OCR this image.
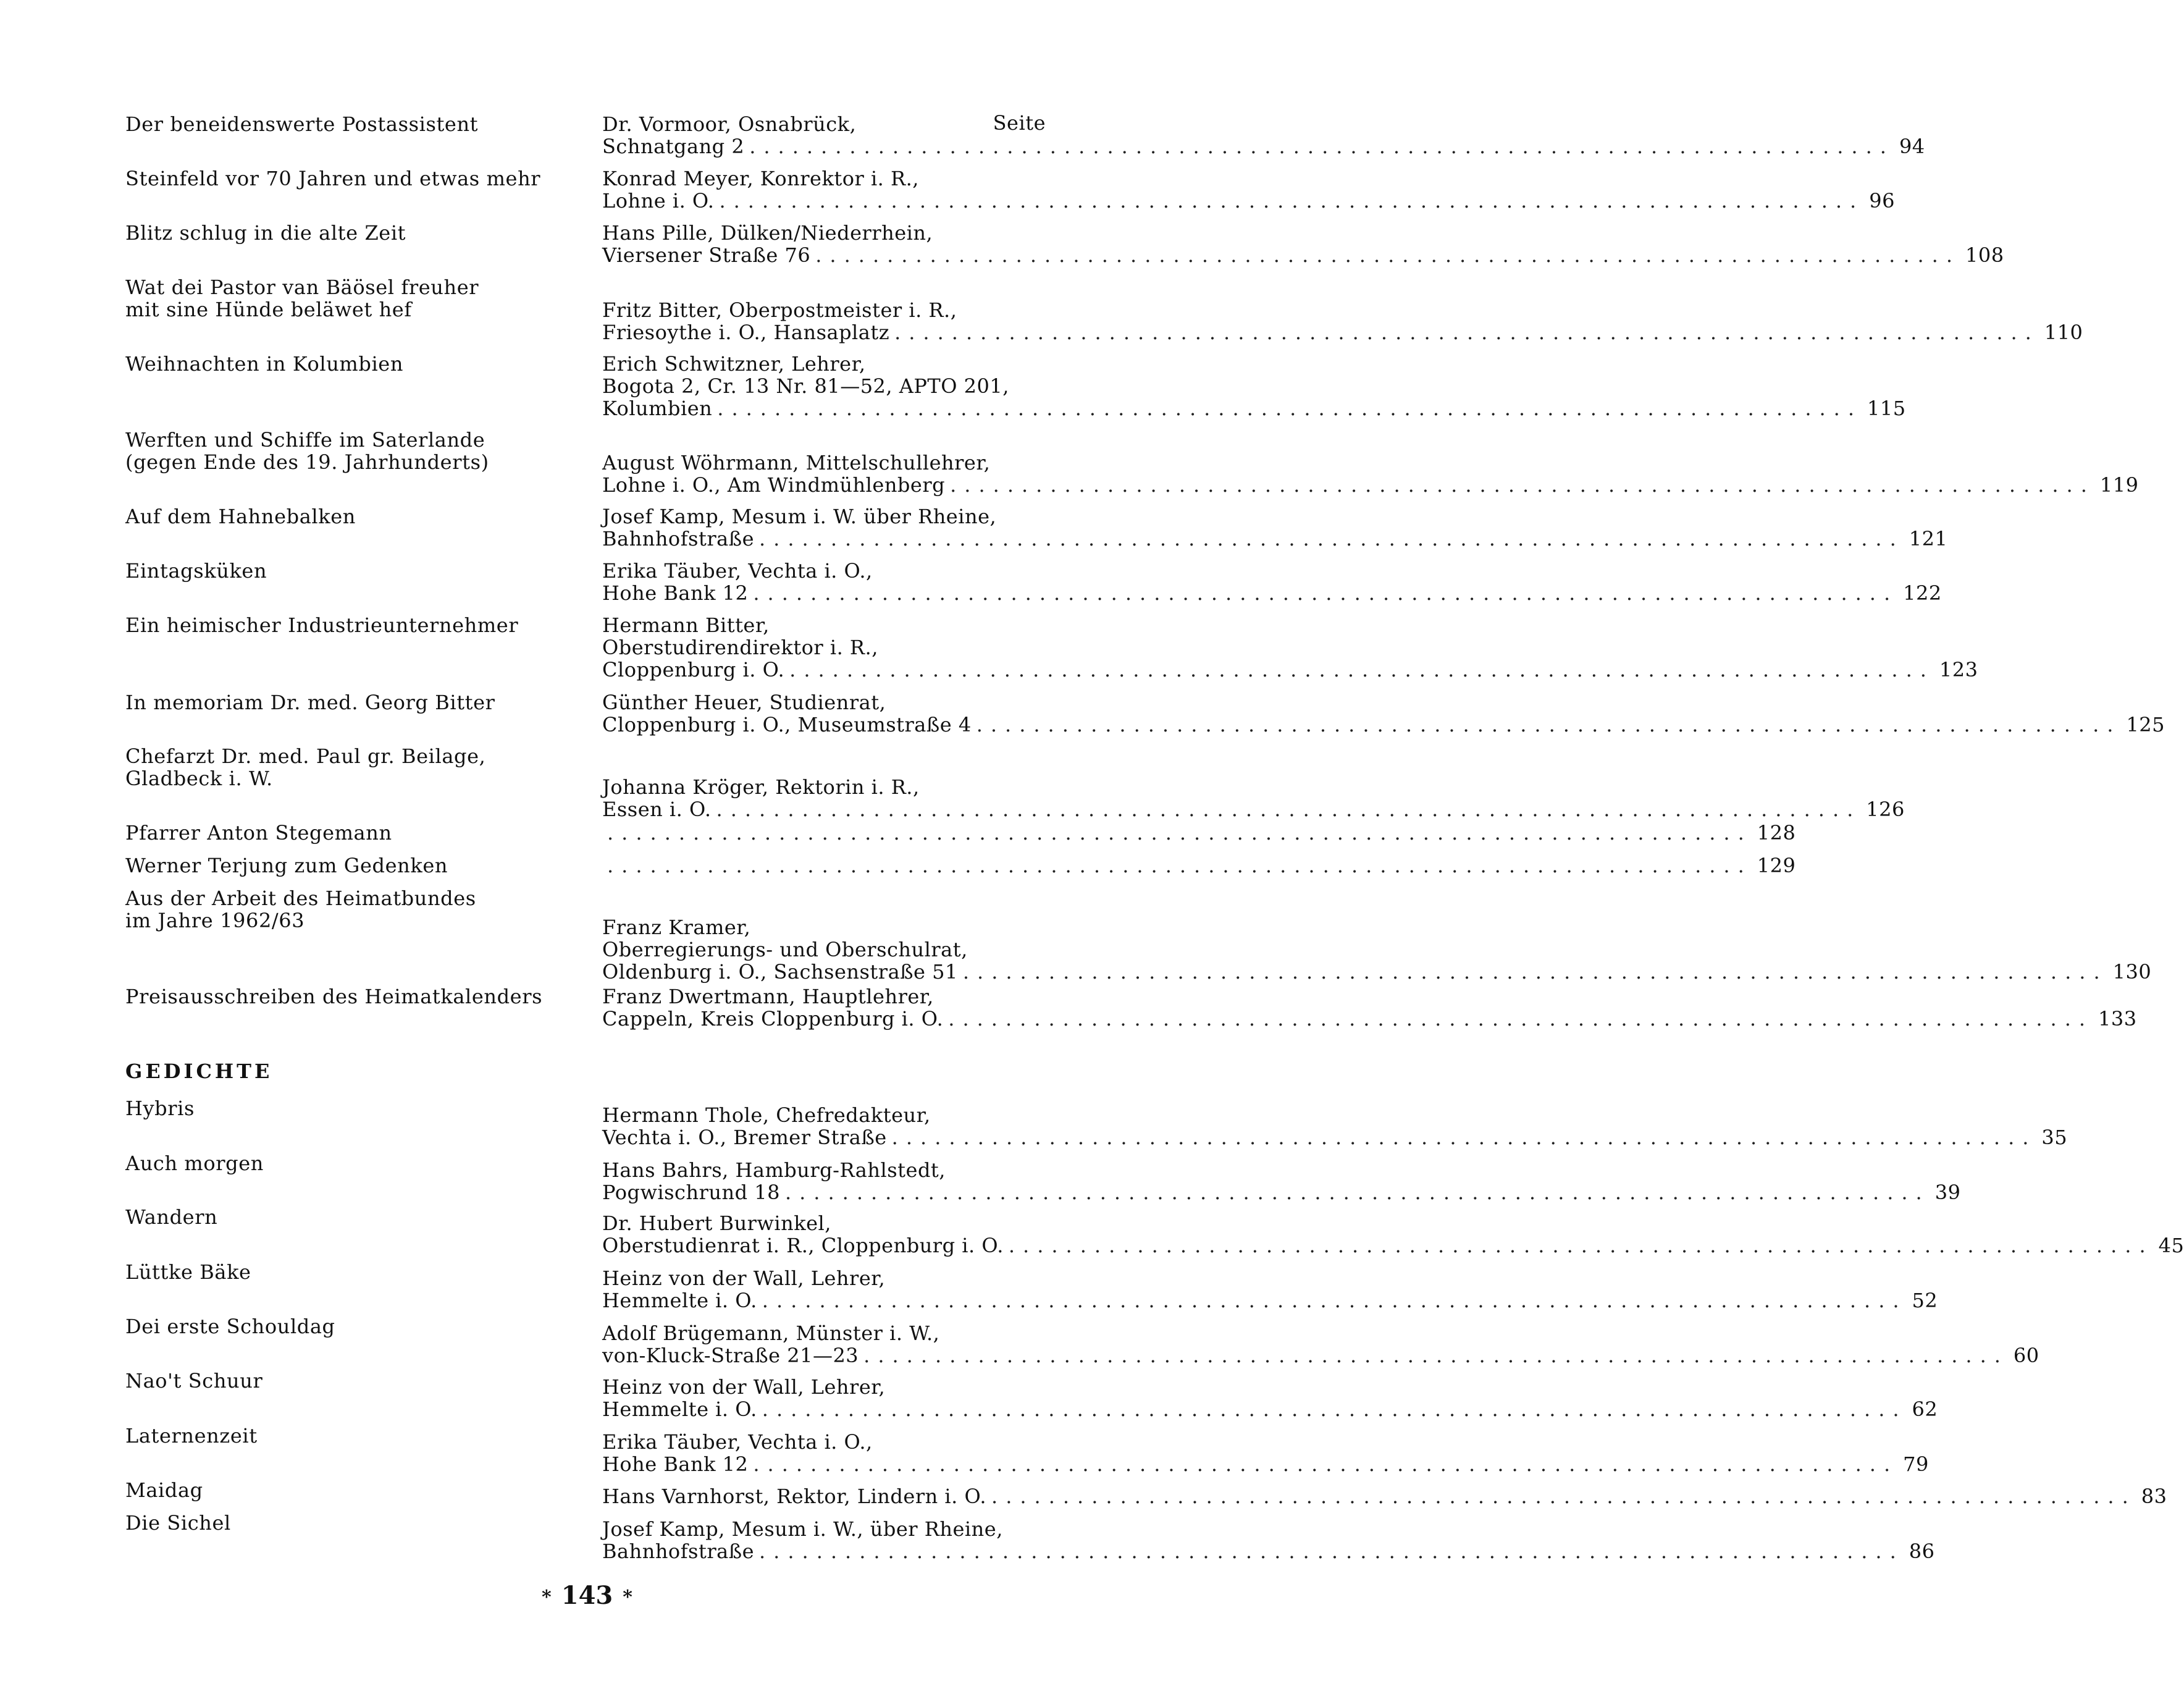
Seite
Der beneidenswerte Postassistent	Dr. Vormoor, Osnabrück,
Schnatgang 2 ................................................................................ 94
Steinfeld vor 70 Jahren und etwas mehr	Konrad Meyer, Konrektor i. R.,
Lohne i. O. ................................................................................ 96
Blitz schlug in die alte Zeit	Hans Pille, Dülken/Niederrhein,
Viersener Straße 76 ................................................................................ 108
Wat dei Pastor van Bäösel freuher
mit sine Hünde beläwet hef	Fritz Bitter, Oberpostmeister i. R.,
Friesoythe i. O., Hansaplatz ................................................................................ 110
Weihnachten in Kolumbien	Erich Schwitzner, Lehrer,
Bogota 2, Cr. 13 Nr. 81—52, APTO 201,
Kolumbien ................................................................................ 115
Werften und Schiffe im Saterlande
(gegen Ende des 19. Jahrhunderts)	August Wöhrmann, Mittelschullehrer,
Lohne i. O., Am Windmühlenberg ................................................................................ 119
Auf dem Hahnebalken	Josef Kamp, Mesum i. W. über Rheine,
Bahnhofstraße ................................................................................ 121
Eintagsküken	Erika Täuber, Vechta i. O.,
Hohe Bank 12 ................................................................................ 122
Ein heimischer Industrieunternehmer	Hermann Bitter,
Oberstudirendirektor i. R.,
Cloppenburg i. O. ................................................................................ 123
In memoriam Dr. med. Georg Bitter	Günther Heuer, Studienrat,
Cloppenburg i. O., Museumstraße 4 ................................................................................ 125
Chefarzt Dr. med. Paul gr. Beilage,
Gladbeck i. W.	Johanna Kröger, Rektorin i. R.,
Essen i. O. ................................................................................ 126
Pfarrer Anton Stegemann	................................................................................ 128
Werner Terjung zum Gedenken	................................................................................ 129
Aus der Arbeit des Heimatbundes
im Jahre 1962/63	Franz Kramer,
Oberregierungs- und Oberschulrat,
Oldenburg i. O., Sachsenstraße 51 ................................................................................ 130
Preisausschreiben des Heimatkalenders	Franz Dwertmann, Hauptlehrer,
Cappeln, Kreis Cloppenburg i. O. ................................................................................ 133
Hybris	Hermann Thole, Chefredakteur,
Vechta i. O., Bremer Straße ................................................................................ 35
Auch morgen	Hans Bahrs, Hamburg-Rahlstedt,
Pogwischrund 18 ................................................................................ 39
Wandern	Dr. Hubert Burwinkel,
Oberstudienrat i. R., Cloppenburg i. O. ................................................................................ 45
Lüttke Bäke	Heinz von der Wall, Lehrer,
Hemmelte i. O. ................................................................................ 52
Dei erste Schouldag	Adolf Brügemann, Münster i. W.,
von-Kluck-Straße 21—23 ................................................................................ 60
Nao't Schuur	Heinz von der Wall, Lehrer,
Hemmelte i. O. ................................................................................ 62
Laternenzeit	Erika Täuber, Vechta i. O.,
Hohe Bank 12 ................................................................................ 79
Maidag	Hans Varnhorst, Rektor, Lindern i. O. ................................................................................ 83
Die Sichel	Josef Kamp, Mesum i. W., über Rheine,
Bahnhofstraße ................................................................................ 86
GEDICHTE
* 143 *
